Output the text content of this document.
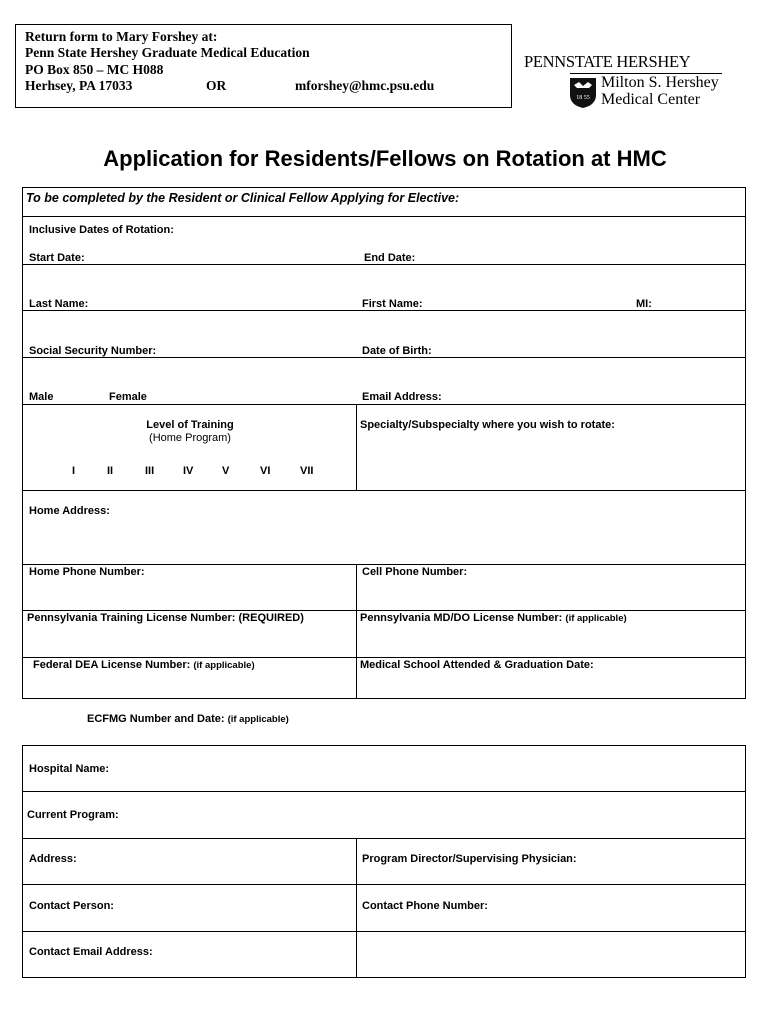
Return form to Mary Forshey at:
Penn State Hershey Graduate Medical Education
PO Box 850 – MC H088
Herhsey, PA 17033	OR	mforshey@hmc.psu.edu
PENNSTATE HERSHEY
18 55
Milton S. Hershey
Medical Center
Application for Residents/Fellows on Rotation at HMC
To be completed by the Resident or Clinical Fellow Applying for Elective:
Inclusive Dates of Rotation:
Start Date:	End Date:
Last Name:	First Name:	MI:
Social Security Number:	Date of Birth:
Male	Female	Email Address:
Level of Training
(Home Program)
Specialty/Subspecialty where you wish to rotate:
I	II	III	IV	V	VI	VII
Home Address:
Home Phone Number:	Cell Phone Number:
Pennsylvania Training License Number: (REQUIRED)	Pennsylvania MD/DO License Number: (if applicable)
Federal DEA License Number: (if applicable)	Medical School Attended & Graduation Date:
ECFMG Number and Date: (if applicable)
Hospital Name:
Current Program:
Address:	Program Director/Supervising Physician:
Contact Person:	Contact Phone Number:
Contact Email Address:
